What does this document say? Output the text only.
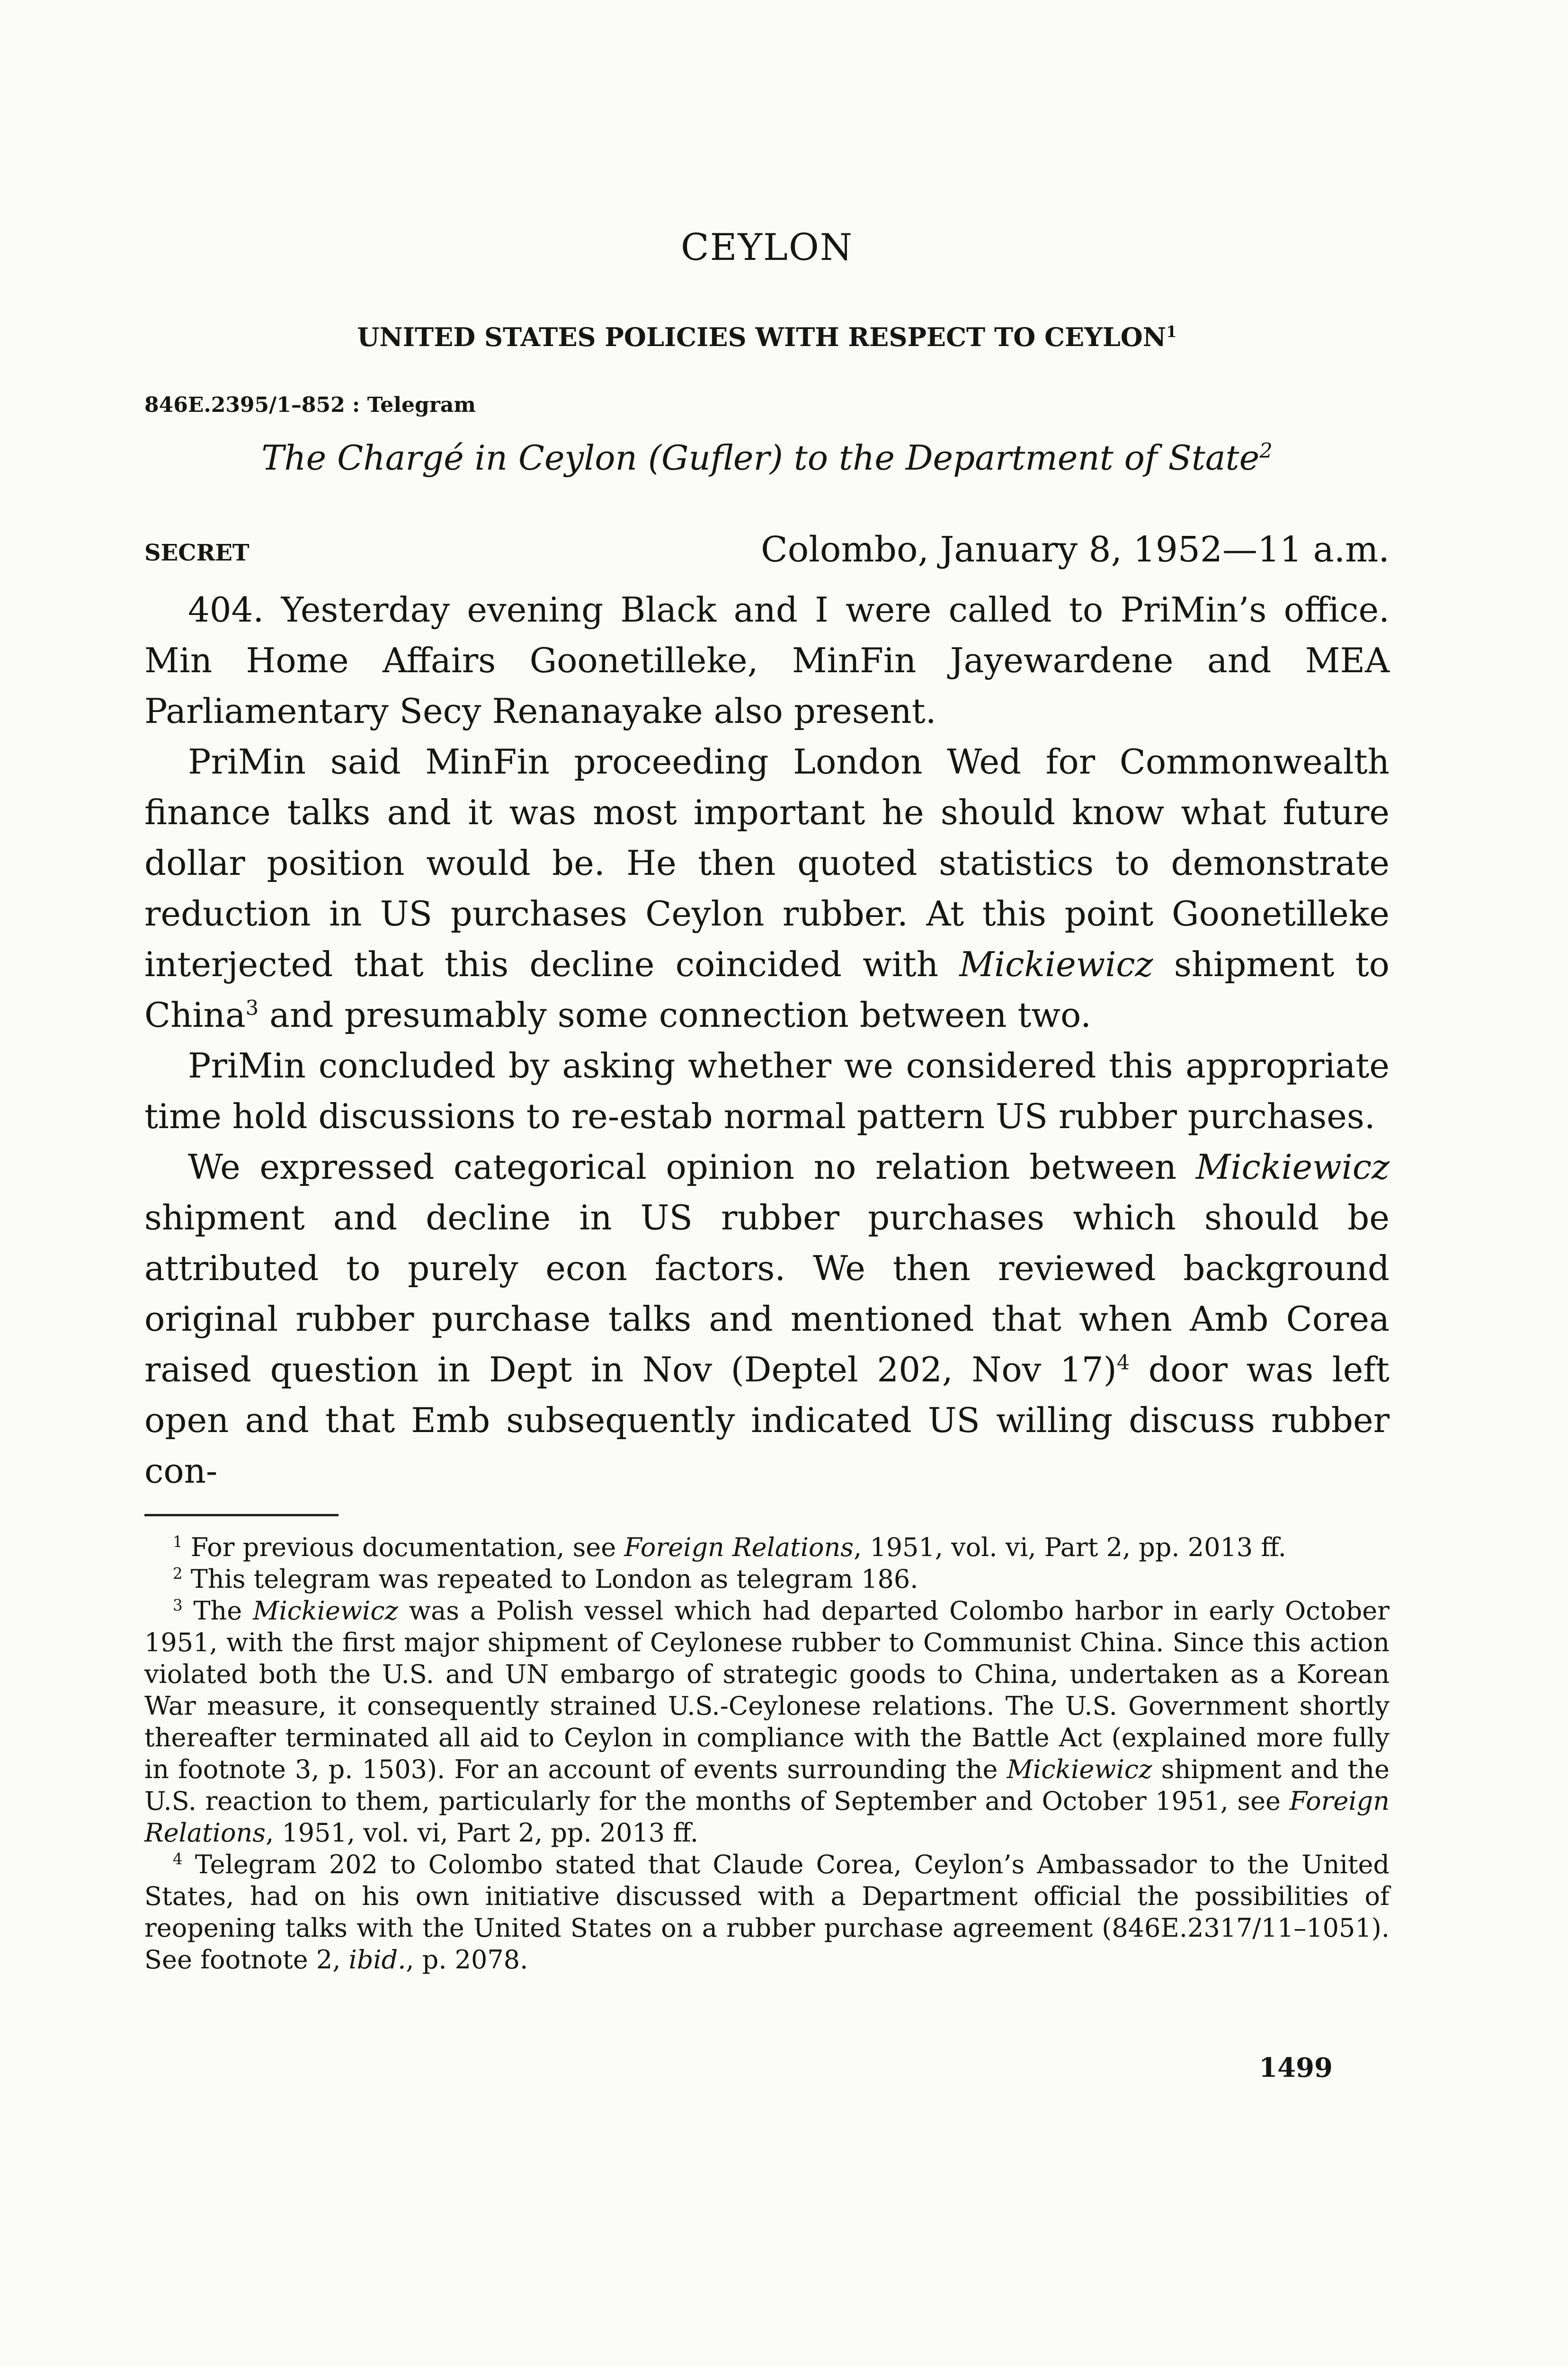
CEYLON
UNITED STATES POLICIES WITH RESPECT TO CEYLON$^1$
846E.2395/1–852 : Telegram
The Chargé in Ceylon (Gufler) to the Department of State$^2$
SECRET	Colombo, January 8, 1952—11 a.m.

404. Yesterday evening Black and I were called to PriMin’s office. Min Home Affairs Goonetilleke, MinFin Jayewardene and MEA Parliamentary Secy Renanayake also present.

PriMin said MinFin proceeding London Wed for Commonwealth finance talks and it was most important he should know what future dollar position would be. He then quoted statistics to demonstrate reduction in US purchases Ceylon rubber. At this point Goonetilleke interjected that this decline coincided with Mickiewicz shipment to China$^3$ and presumably some connection between two.

PriMin concluded by asking whether we considered this appropriate time hold discussions to re-estab normal pattern US rubber purchases.

We expressed categorical opinion no relation between Mickiewicz shipment and decline in US rubber purchases which should be attributed to purely econ factors. We then reviewed background original rubber purchase talks and mentioned that when Amb Corea raised question in Dept in Nov (Deptel 202, Nov 17)$^4$ door was left open and that Emb subsequently indicated US willing discuss rubber con-

$^1$ For previous documentation, see Foreign Relations, 1951, vol. vi, Part 2, pp. 2013 ff.

$^2$ This telegram was repeated to London as telegram 186.

$^3$ The Mickiewicz was a Polish vessel which had departed Colombo harbor in early October 1951, with the first major shipment of Ceylonese rubber to Communist China. Since this action violated both the U.S. and UN embargo of strategic goods to China, undertaken as a Korean War measure, it consequently strained U.S.-Ceylonese relations. The U.S. Government shortly thereafter terminated all aid to Ceylon in compliance with the Battle Act (explained more fully in footnote 3, p. 1503). For an account of events surrounding the Mickiewicz shipment and the U.S. reaction to them, particularly for the months of September and October 1951, see Foreign Relations, 1951, vol. vi, Part 2, pp. 2013 ff.

$^4$ Telegram 202 to Colombo stated that Claude Corea, Ceylon’s Ambassador to the United States, had on his own initiative discussed with a Department official the possibilities of reopening talks with the United States on a rubber purchase agreement (846E.2317/11–1051). See footnote 2, ibid., p. 2078.

1499
